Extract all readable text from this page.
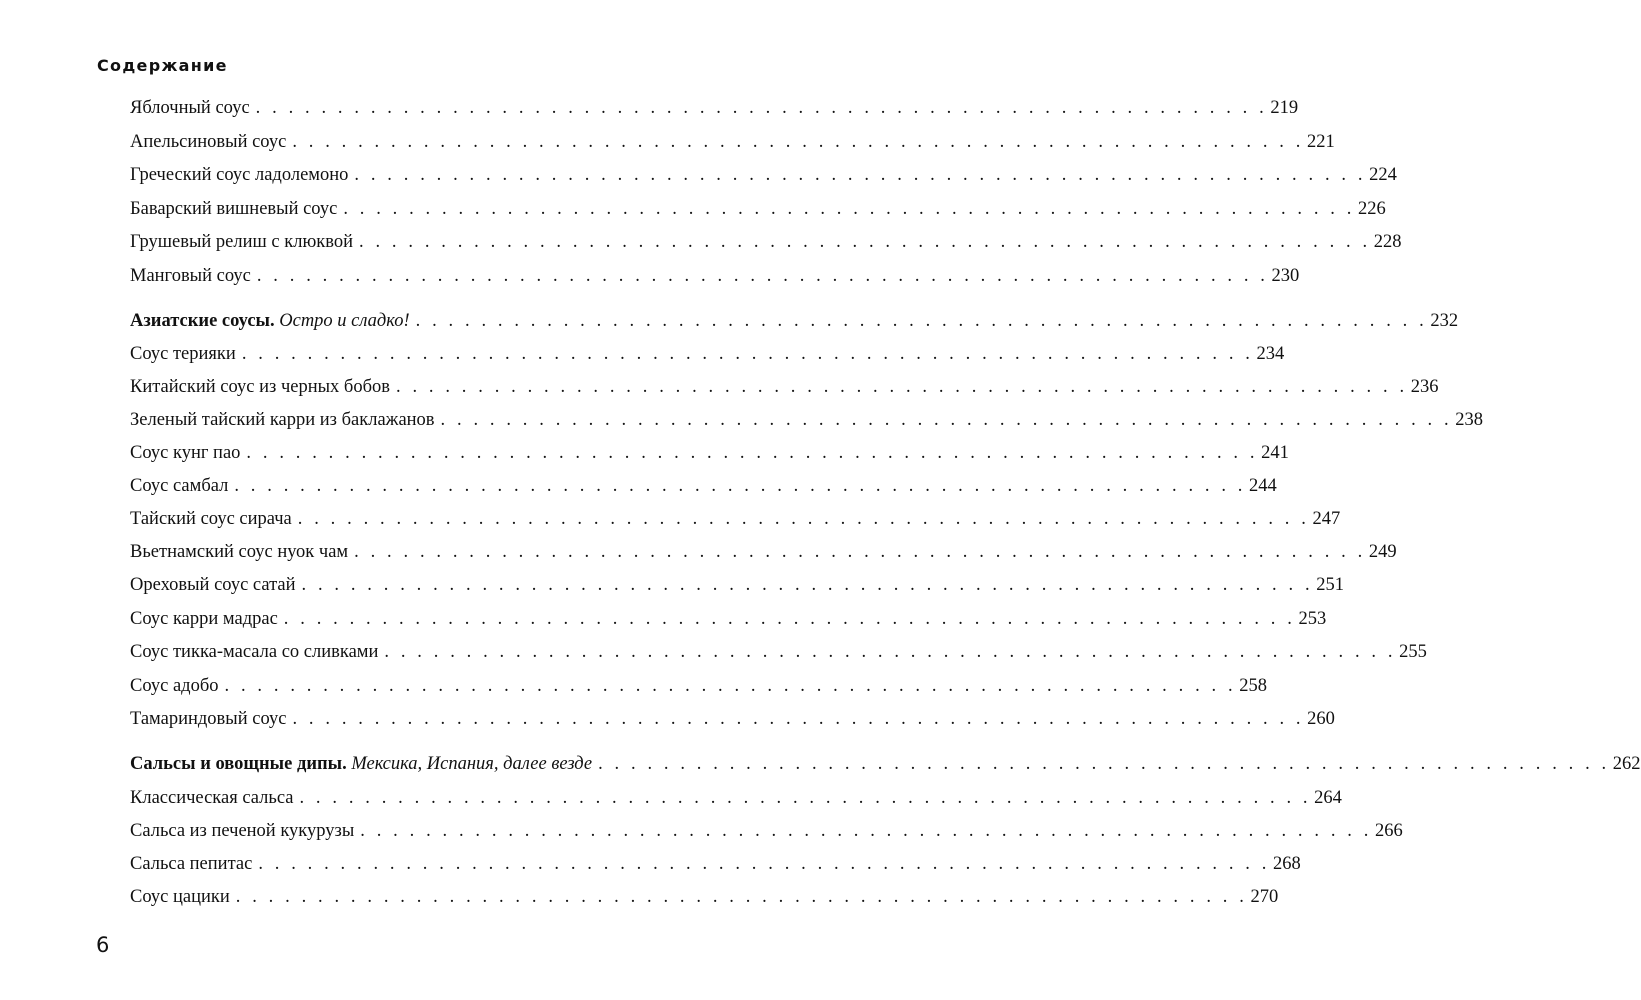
Содержание
Яблочный соус . . . . . . . . . . . . . . . . . . . . . . . . . . . . . . . . . . . . . . . . . . . . . . . . . . . . . . . . . . . . . . 219
Апельсиновый соус . . . . . . . . . . . . . . . . . . . . . . . . . . . . . . . . . . . . . . . . . . . . . . . . . . . . . . . . . . . . . . 221
Греческий соус ладолемоно . . . . . . . . . . . . . . . . . . . . . . . . . . . . . . . . . . . . . . . . . . . . . . . . . . . . . . . . . . . . . . 224
Баварский вишневый соус . . . . . . . . . . . . . . . . . . . . . . . . . . . . . . . . . . . . . . . . . . . . . . . . . . . . . . . . . . . . . . 226
Грушевый релиш с клюквой . . . . . . . . . . . . . . . . . . . . . . . . . . . . . . . . . . . . . . . . . . . . . . . . . . . . . . . . . . . . . . 228
Манговый соус . . . . . . . . . . . . . . . . . . . . . . . . . . . . . . . . . . . . . . . . . . . . . . . . . . . . . . . . . . . . . . 230
Азиатские соусы. Остро и сладко! . . . . . . . . . . . . . . . . . . . . . . . . . . . . . . . . . . . . . . . . . . . . . . . . . . . . . . . . . . . . . . 232
Соус терияки . . . . . . . . . . . . . . . . . . . . . . . . . . . . . . . . . . . . . . . . . . . . . . . . . . . . . . . . . . . . . . 234
Китайский соус из черных бобов . . . . . . . . . . . . . . . . . . . . . . . . . . . . . . . . . . . . . . . . . . . . . . . . . . . . . . . . . . . . . . 236
Зеленый тайский карри из баклажанов . . . . . . . . . . . . . . . . . . . . . . . . . . . . . . . . . . . . . . . . . . . . . . . . . . . . . . . . . . . . . . 238
Соус кунг пао . . . . . . . . . . . . . . . . . . . . . . . . . . . . . . . . . . . . . . . . . . . . . . . . . . . . . . . . . . . . . . 241
Соус самбал . . . . . . . . . . . . . . . . . . . . . . . . . . . . . . . . . . . . . . . . . . . . . . . . . . . . . . . . . . . . . . 244
Тайский соус сирача . . . . . . . . . . . . . . . . . . . . . . . . . . . . . . . . . . . . . . . . . . . . . . . . . . . . . . . . . . . . . . 247
Вьетнамский соус нуок чам . . . . . . . . . . . . . . . . . . . . . . . . . . . . . . . . . . . . . . . . . . . . . . . . . . . . . . . . . . . . . . 249
Ореховый соус сатай . . . . . . . . . . . . . . . . . . . . . . . . . . . . . . . . . . . . . . . . . . . . . . . . . . . . . . . . . . . . . . 251
Соус карри мадрас . . . . . . . . . . . . . . . . . . . . . . . . . . . . . . . . . . . . . . . . . . . . . . . . . . . . . . . . . . . . . . 253
Соус тикка-масала со сливками . . . . . . . . . . . . . . . . . . . . . . . . . . . . . . . . . . . . . . . . . . . . . . . . . . . . . . . . . . . . . . 255
Соус адобо . . . . . . . . . . . . . . . . . . . . . . . . . . . . . . . . . . . . . . . . . . . . . . . . . . . . . . . . . . . . . . 258
Тамариндовый соус . . . . . . . . . . . . . . . . . . . . . . . . . . . . . . . . . . . . . . . . . . . . . . . . . . . . . . . . . . . . . . 260
Сальсы и овощные дипы. Мексика, Испания, далее везде . . . . . . . . . . . . . . . . . . . . . . . . . . . . . . . . . . . . . . . . . . . . . . . . . . . . . . . . . . . . . . 262
Классическая сальса . . . . . . . . . . . . . . . . . . . . . . . . . . . . . . . . . . . . . . . . . . . . . . . . . . . . . . . . . . . . . . 264
Сальса из печеной кукурузы . . . . . . . . . . . . . . . . . . . . . . . . . . . . . . . . . . . . . . . . . . . . . . . . . . . . . . . . . . . . . . 266
Сальса пепитас . . . . . . . . . . . . . . . . . . . . . . . . . . . . . . . . . . . . . . . . . . . . . . . . . . . . . . . . . . . . . . 268
Соус цацики . . . . . . . . . . . . . . . . . . . . . . . . . . . . . . . . . . . . . . . . . . . . . . . . . . . . . . . . . . . . . . 270
6
